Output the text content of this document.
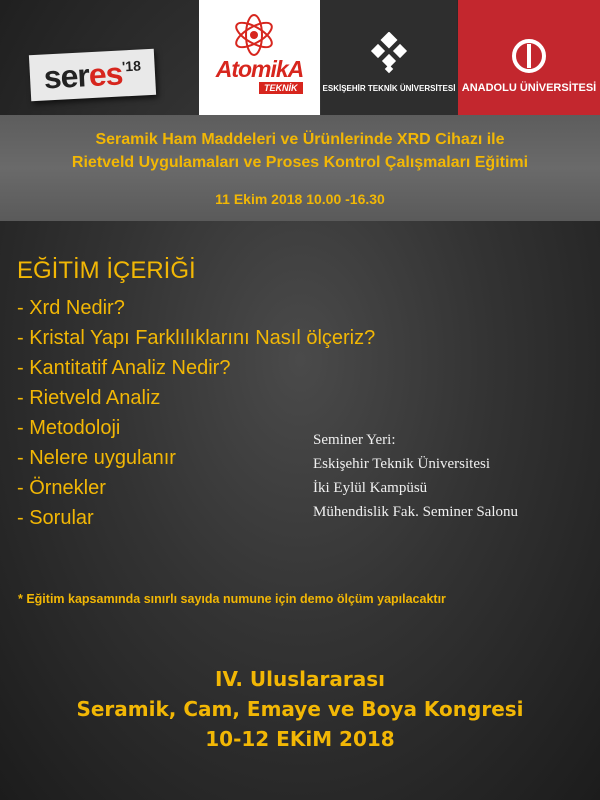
seres
'18	AtomikA
TEKNİK	ESKİŞEHİR TEKNİK ÜNİVERSİTESİ ANADOLU ÜNİVERSİTESİ
Seramik Ham Maddeleri ve Ürünlerinde XRD Cihazı ile
Rietveld Uygulamaları ve Proses Kontrol Çalışmaları Eğitimi
11 Ekim 2018 10.00 -16.30
EĞİTİM İÇERİĞİ
- Xrd Nedir?
- Kristal Yapı Farklılıklarını Nasıl ölçeriz?
- Kantitatif Analiz Nedir?
- Rietveld Analiz
- Metodoloji
- Nelere uygulanır
- Örnekler
- Sorular
Seminer Yeri:
Eskişehir Teknik Üniversitesi
İki Eylül Kampüsü
Mühendislik Fak. Seminer Salonu
* Eğitim kapsamında sınırlı sayıda numune için demo ölçüm yapılacaktır
IV. Uluslararası
Seramik, Cam, Emaye ve Boya Kongresi
10-12 EKiM 2018
